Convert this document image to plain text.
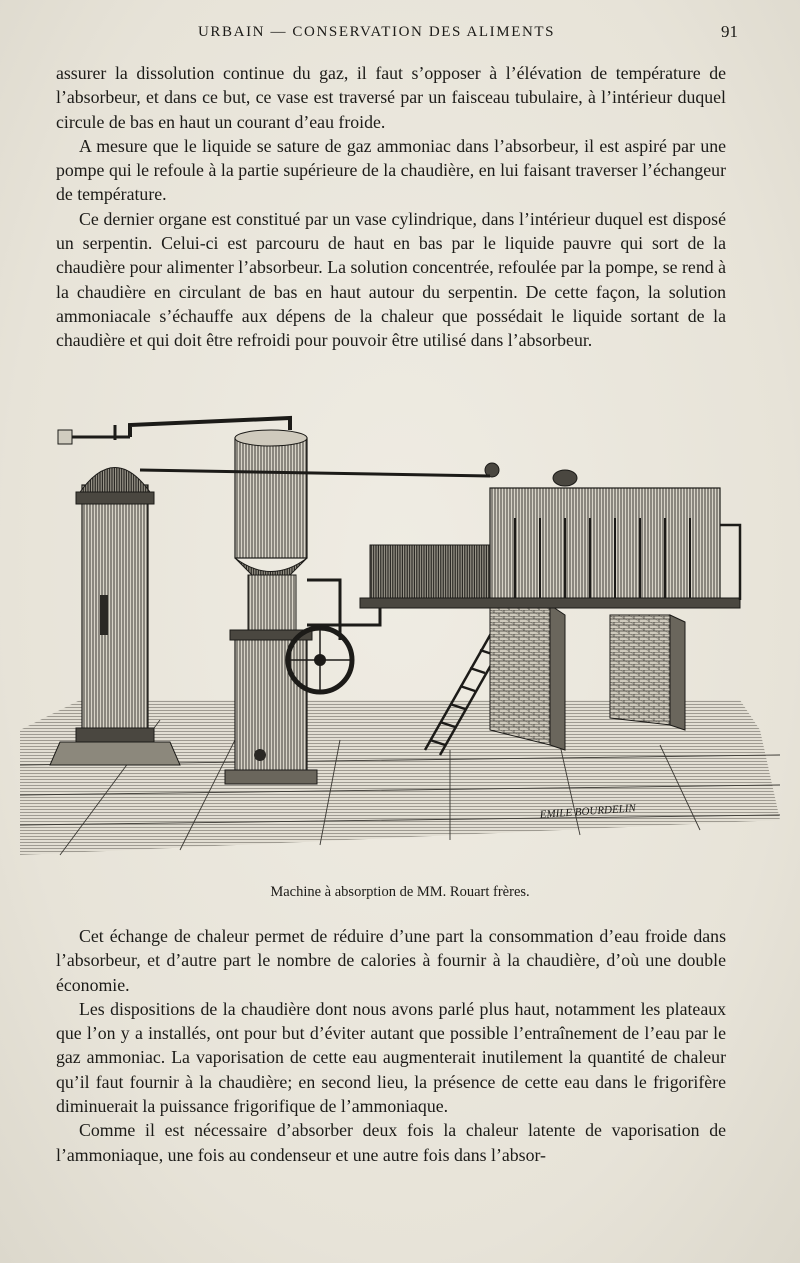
URBAIN — CONSERVATION DES ALIMENTS	91

assurer la dissolution continue du gaz, il faut s’opposer à l’élévation de température de l’absorbeur, et dans ce but, ce vase est traversé par un faisceau tubulaire, à l’intérieur duquel circule de bas en haut un courant d’eau froide.

A mesure que le liquide se sature de gaz ammoniac dans l’absorbeur, il est aspiré par une pompe qui le refoule à la partie supérieure de la chaudière, en lui faisant traverser l’échangeur de température.

Ce dernier organe est constitué par un vase cylindrique, dans l’intérieur duquel est disposé un serpentin. Celui-ci est parcouru de haut en bas par le liquide pauvre qui sort de la chaudière pour alimenter l’absorbeur. La solution concentrée, refoulée par la pompe, se rend à la chaudière en circulant de bas en haut autour du serpentin. De cette façon, la solution ammoniacale s’échauffe aux dépens de la chaleur que possédait le liquide sortant de la chaudière et qui doit être refroidi pour pouvoir être utilisé dans l’absorbeur.

EMILE BOURDELIN
Machine à absorption de MM. Rouart frères.

Cet échange de chaleur permet de réduire d’une part la consommation d’eau froide dans l’absorbeur, et d’autre part le nombre de calories à fournir à la chaudière, d’où une double économie.

Les dispositions de la chaudière dont nous avons parlé plus haut, notamment les plateaux que l’on y a installés, ont pour but d’éviter autant que possible l’entraînement de l’eau par le gaz ammoniac. La vaporisation de cette eau augmenterait inutilement la quantité de chaleur qu’il faut fournir à la chaudière; en second lieu, la présence de cette eau dans le frigorifère diminuerait la puissance frigorifique de l’ammoniaque.

Comme il est nécessaire d’absorber deux fois la chaleur latente de vaporisation de l’ammoniaque, une fois au condenseur et une autre fois dans l’absor-
